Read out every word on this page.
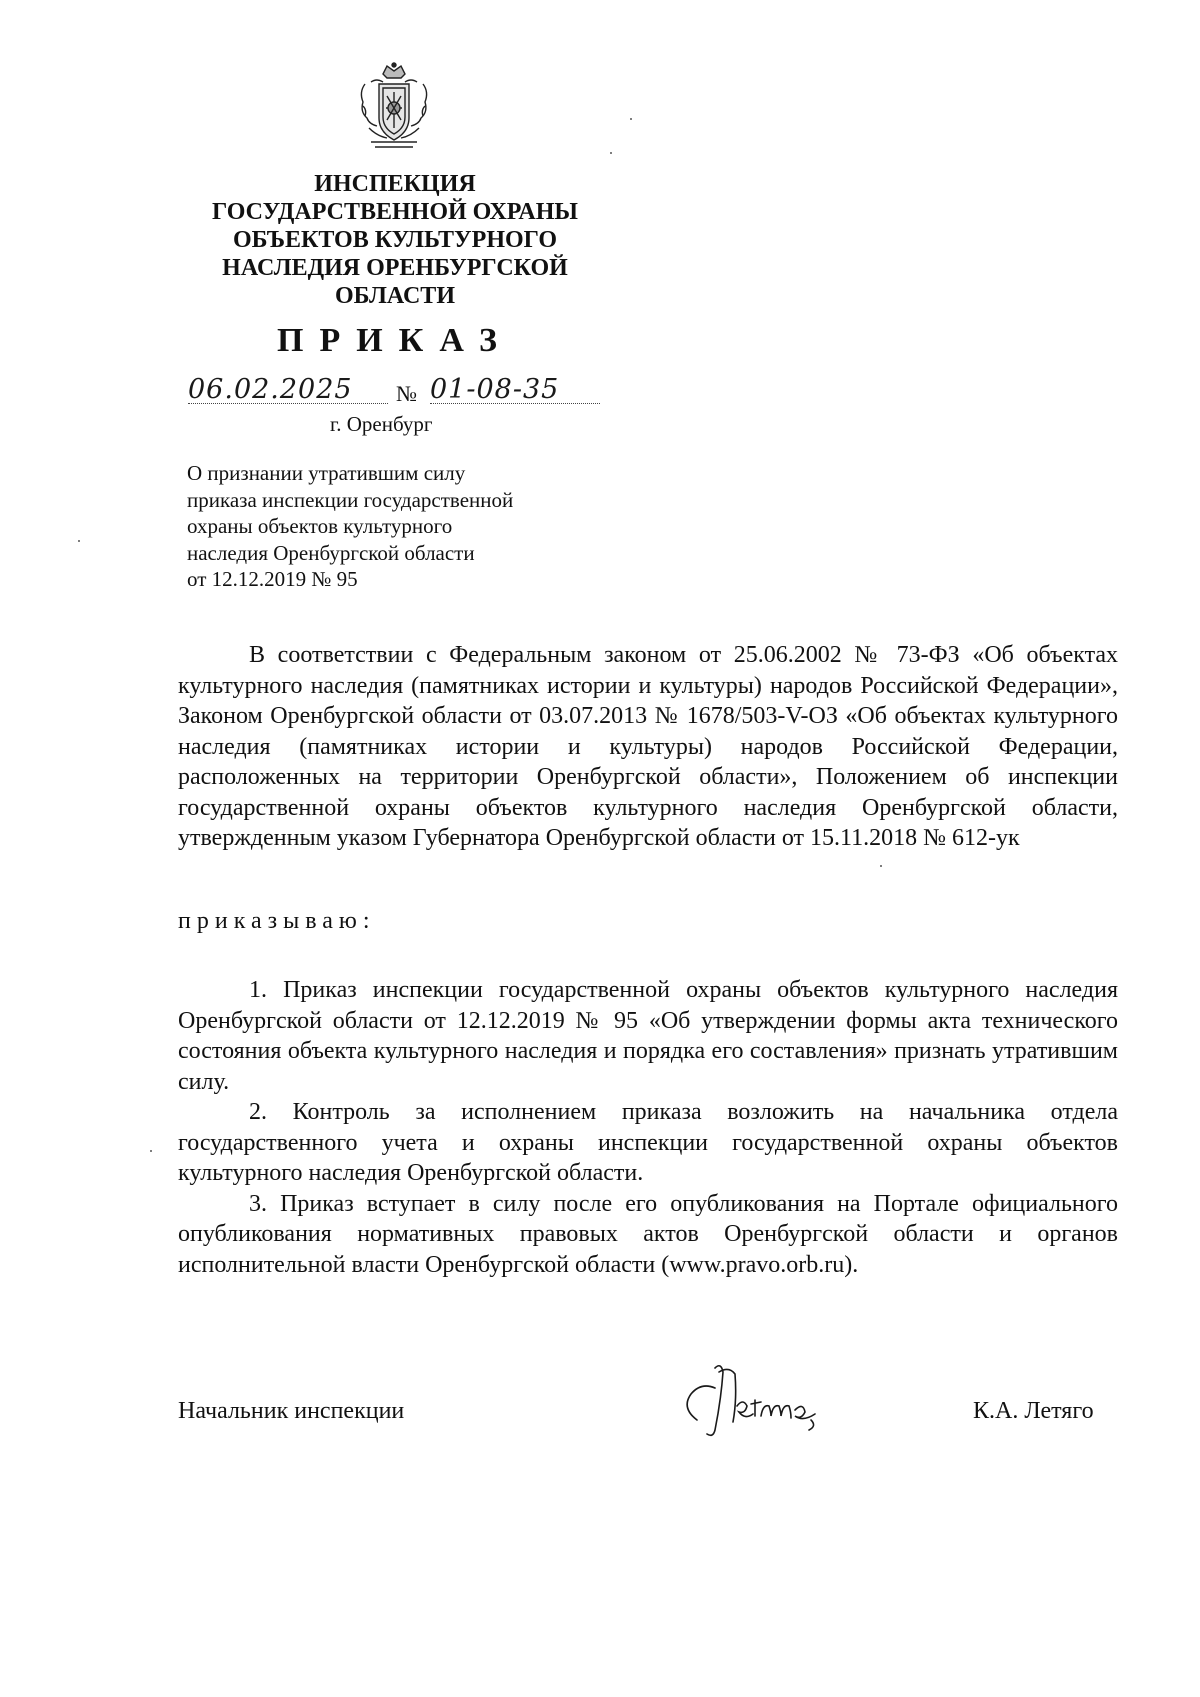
ИНСПЕКЦИЯ
ГОСУДАРСТВЕННОЙ ОХРАНЫ
ОБЪЕКТОВ КУЛЬТУРНОГО
НАСЛЕДИЯ ОРЕНБУРГСКОЙ
ОБЛАСТИ
ПРИКАЗ
06.02.2025	№ 01-08-35
г. Оренбург
О признании утратившим силу
приказа инспекции государственной
охраны объектов культурного
наследия Оренбургской области
от 12.12.2019 № 95

В соответствии с Федеральным законом от 25.06.2002 № 73-ФЗ «Об объектах культурного наследия (памятниках истории и культуры) народов Российской Федерации», Законом Оренбургской области от 03.07.2013 № 1678/503-V-ОЗ «Об объектах культурного наследия (памятниках истории и культуры) народов Российской Федерации, расположенных на территории Оренбургской области», Положением об инспекции государственной охраны объектов культурного наследия Оренбургской области, утвержденным указом Губернатора Оренбургской области от 15.11.2018 № 612-ук

приказываю:

1. Приказ инспекции государственной охраны объектов культурного наследия Оренбургской области от 12.12.2019 № 95 «Об утверждении формы акта технического состояния объекта культурного наследия и порядка его составления» признать утратившим силу.

2. Контроль за исполнением приказа возложить на начальника отдела государственного учета и охраны инспекции государственной охраны объектов культурного наследия Оренбургской области.

3. Приказ вступает в силу после его опубликования на Портале официального опубликования нормативных правовых актов Оренбургской области и органов исполнительной власти Оренбургской области (www.pravo.orb.ru).

Начальник инспекции	К.А. Летяго
